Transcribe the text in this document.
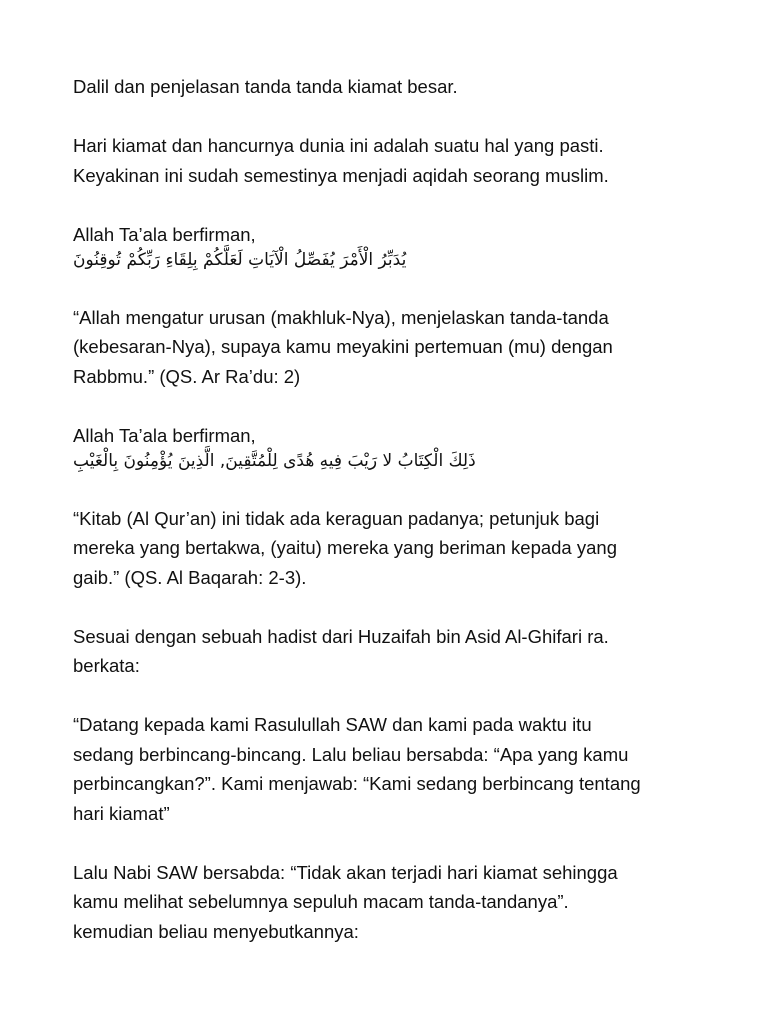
Dalil dan penjelasan tanda tanda kiamat besar.

Hari kiamat dan hancurnya dunia ini adalah suatu hal yang pasti.
Keyakinan ini sudah semestinya menjadi aqidah seorang muslim.

Allah Ta’ala berfirman,
يُدَبِّرُ الْأَمْرَ يُفَصِّلُ الْآيَاتِ لَعَلَّكُمْ بِلِقَاءِ رَبِّكُمْ تُوقِنُونَ

“Allah mengatur urusan (makhluk-Nya), menjelaskan tanda-tanda
(kebesaran-Nya), supaya kamu meyakini pertemuan (mu) dengan
Rabbmu.” (QS. Ar Ra’du: 2)

Allah Ta’ala berfirman,
ذَلِكَ الْكِتَابُ لا رَيْبَ فِيهِ هُدًى لِلْمُتَّقِينَ, الَّذِينَ يُؤْمِنُونَ بِالْغَيْبِ

“Kitab (Al Qur’an) ini tidak ada keraguan padanya; petunjuk bagi
mereka yang bertakwa, (yaitu) mereka yang beriman kepada yang
gaib.” (QS. Al Baqarah: 2-3).

Sesuai dengan sebuah hadist dari Huzaifah bin Asid Al-Ghifari ra.
berkata:

“Datang kepada kami Rasulullah SAW dan kami pada waktu itu
sedang berbincang-bincang. Lalu beliau bersabda: “Apa yang kamu
perbincangkan?”. Kami menjawab: “Kami sedang berbincang tentang
hari kiamat”

Lalu Nabi SAW bersabda: “Tidak akan terjadi hari kiamat sehingga
kamu melihat sebelumnya sepuluh macam tanda-tandanya”.
kemudian beliau menyebutkannya:
